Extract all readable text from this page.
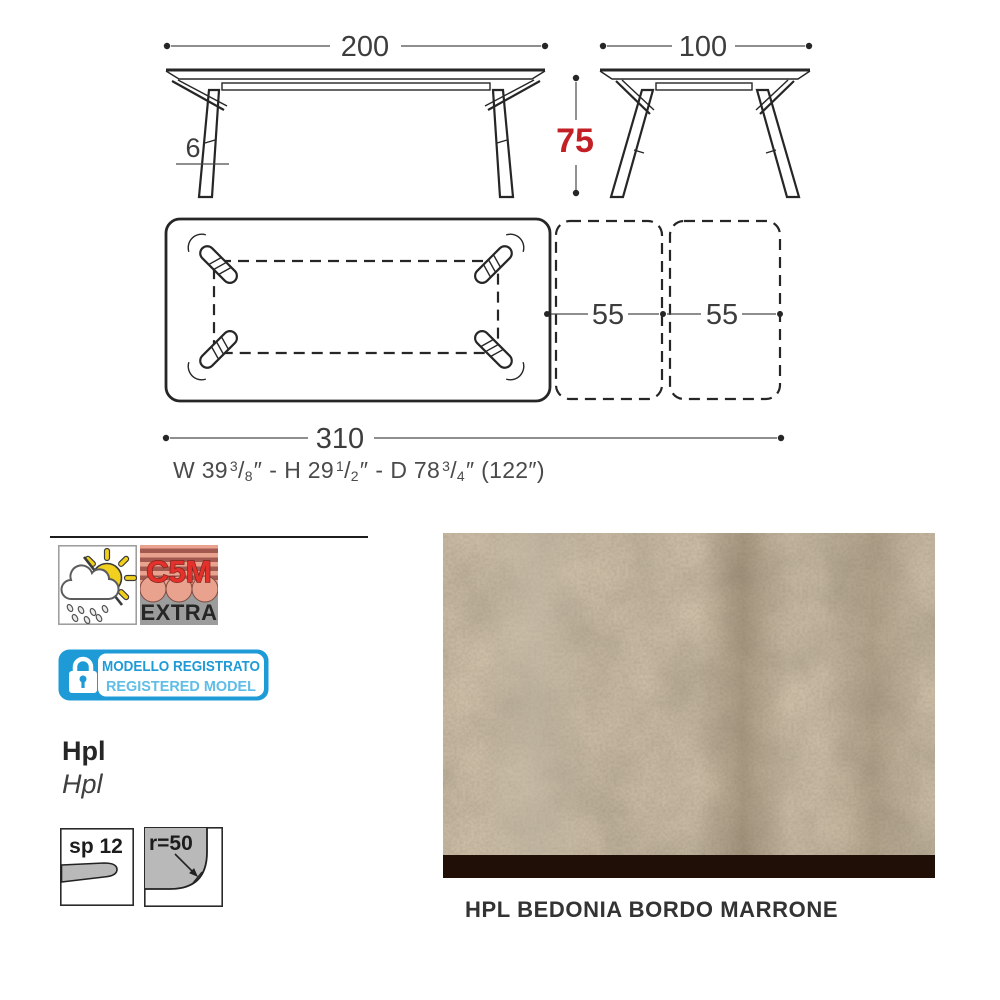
200	100
75
6
55	55
310
W 39 $^3$/8″ - H 29 $^1$/2″ - D 78 $^3$/4″ (122″)
C5M
EXTRA
MODELLO REGISTRATO
REGISTERED MODEL
Hpl
Hpl
sp 12 r=50
HPL BEDONIA BORDO MARRONE
